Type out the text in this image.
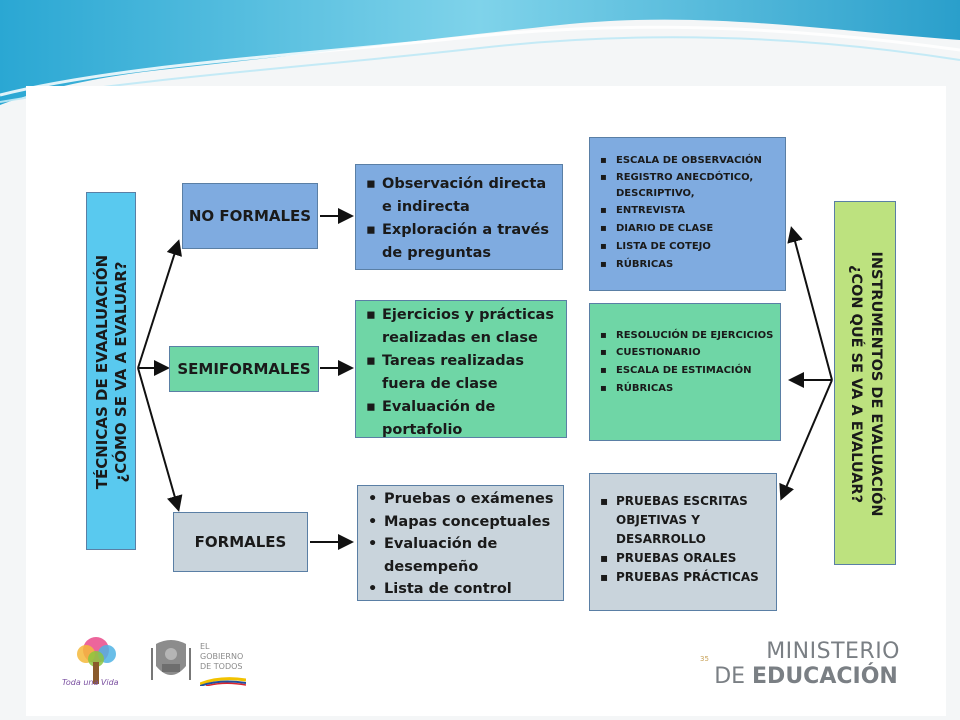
TÉCNICAS DE EVAALUACIÓN ¿CÓMO SE VA A EVALUAR?	INSTRUMENTOS DE EVALUACIÓN
¿CON QUÉ SE VA A EVALUAR?
NO FORMALES
SEMIFORMALES
FORMALES
▪ Observación directa e indirecta
▪ Exploración a través de preguntas
▪ Ejercicios y prácticas realizadas en clase
▪ Tareas realizadas fuera de clase
▪ Evaluación de portafolio
• Pruebas o exámenes
• Mapas conceptuales
• Evaluación de desempeño
• Lista de control
▪ ESCALA DE OBSERVACIÓN
▪ REGISTRO ANECDÓTICO, DESCRIPTIVO,
▪ ENTREVISTA
▪ DIARIO DE CLASE
▪ LISTA DE COTEJO
▪ RÚBRICAS
▪ RESOLUCIÓN DE EJERCICIOS
▪ CUESTIONARIO
▪ ESCALA DE ESTIMACIÓN
▪ RÚBRICAS
▪ PRUEBAS ESCRITAS OBJETIVAS Y DESARROLLO
▪ PRUEBAS ORALES
▪ PRUEBAS PRÁCTICAS
Toda una Vida
EL
GOBIERNO
DE TODOS
35	MINISTERIO
DE EDUCACIÓN
